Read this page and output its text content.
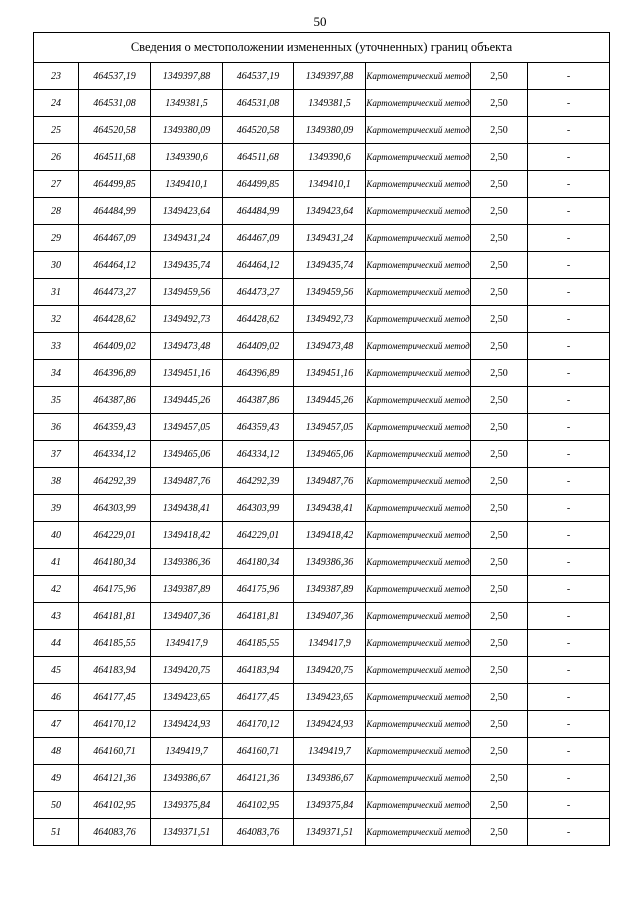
50
Сведения о местоположении измененных (уточненных) границ объекта							
23	464537,19	1349397,88	464537,19	1349397,88	Картометрический метод	2,50	-
24	464531,08	1349381,5	464531,08	1349381,5	Картометрический метод	2,50	-
25	464520,58	1349380,09	464520,58	1349380,09	Картометрический метод	2,50	-
26	464511,68	1349390,6	464511,68	1349390,6	Картометрический метод	2,50	-
27	464499,85	1349410,1	464499,85	1349410,1	Картометрический метод	2,50	-
28	464484,99	1349423,64	464484,99	1349423,64	Картометрический метод	2,50	-
29	464467,09	1349431,24	464467,09	1349431,24	Картометрический метод	2,50	-
30	464464,12	1349435,74	464464,12	1349435,74	Картометрический метод	2,50	-
31	464473,27	1349459,56	464473,27	1349459,56	Картометрический метод	2,50	-
32	464428,62	1349492,73	464428,62	1349492,73	Картометрический метод	2,50	-
33	464409,02	1349473,48	464409,02	1349473,48	Картометрический метод	2,50	-
34	464396,89	1349451,16	464396,89	1349451,16	Картометрический метод	2,50	-
35	464387,86	1349445,26	464387,86	1349445,26	Картометрический метод	2,50	-
36	464359,43	1349457,05	464359,43	1349457,05	Картометрический метод	2,50	-
37	464334,12	1349465,06	464334,12	1349465,06	Картометрический метод	2,50	-
38	464292,39	1349487,76	464292,39	1349487,76	Картометрический метод	2,50	-
39	464303,99	1349438,41	464303,99	1349438,41	Картометрический метод	2,50	-
40	464229,01	1349418,42	464229,01	1349418,42	Картометрический метод	2,50	-
41	464180,34	1349386,36	464180,34	1349386,36	Картометрический метод	2,50	-
42	464175,96	1349387,89	464175,96	1349387,89	Картометрический метод	2,50	-
43	464181,81	1349407,36	464181,81	1349407,36	Картометрический метод	2,50	-
44	464185,55	1349417,9	464185,55	1349417,9	Картометрический метод	2,50	-
45	464183,94	1349420,75	464183,94	1349420,75	Картометрический метод	2,50	-
46	464177,45	1349423,65	464177,45	1349423,65	Картометрический метод	2,50	-
47	464170,12	1349424,93	464170,12	1349424,93	Картометрический метод	2,50	-
48	464160,71	1349419,7	464160,71	1349419,7	Картометрический метод	2,50	-
49	464121,36	1349386,67	464121,36	1349386,67	Картометрический метод	2,50	-
50	464102,95	1349375,84	464102,95	1349375,84	Картометрический метод	2,50	-
51	464083,76	1349371,51	464083,76	1349371,51	Картометрический метод	2,50	-
